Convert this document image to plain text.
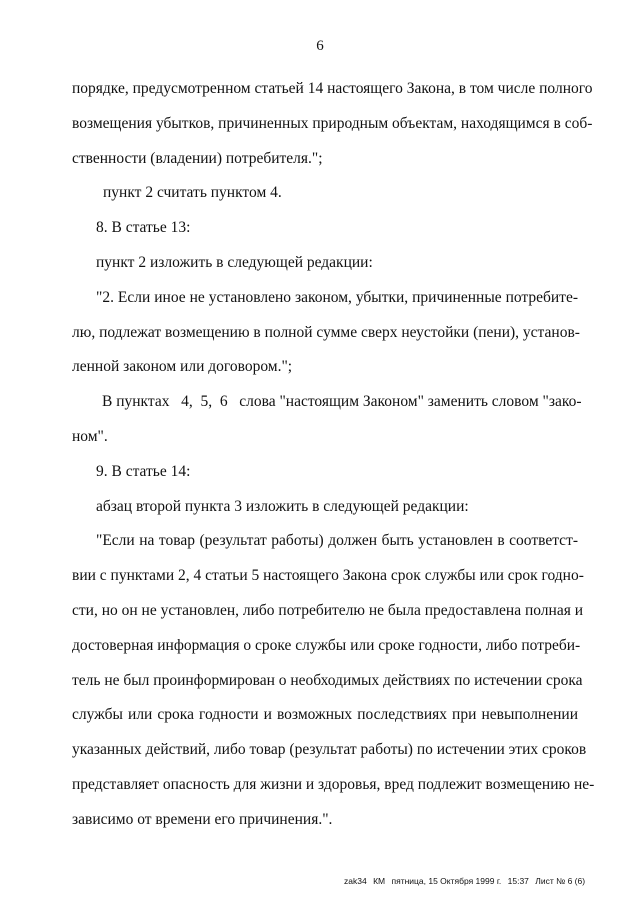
6
порядке, предусмотренном статьей 14 настоящего Закона, в том числе полного
возмещения убытков, причиненных природным объектам, находящимся в соб-
ственности (владении) потребителя.";
пункт 2 считать пунктом 4.
8. В статье 13:
пункт 2 изложить в следующей редакции:
"2. Если иное не установлено законом, убытки, причиненные потребите-
лю, подлежат возмещению в полной сумме сверх неустойки (пени), установ-
ленной законом или договором.";
В пунктах   4,  5,  6   слова "настоящим Законом" заменить словом "зако-
ном".
9. В статье 14:
абзац второй пункта 3 изложить в следующей редакции:
"Если на товар (результат работы) должен быть установлен в соответст-
вии с пунктами 2, 4 статьи 5 настоящего Закона срок службы или срок годно-
сти, но он не установлен, либо потребителю не была предоставлена полная и
достоверная информация о сроке службы или сроке годности, либо потреби-
тель не был проинформирован о необходимых действиях по истечении срока
службы или срока годности и возможных последствиях при невыполнении
указанных действий, либо товар (результат работы) по истечении этих сроков
представляет опасность для жизни и здоровья, вред подлежит возмещению не-
зависимо от времени его причинения.".
zak34 КМ пятница, 15 Октября 1999 г. 15:37 Лист № 6 (6)
